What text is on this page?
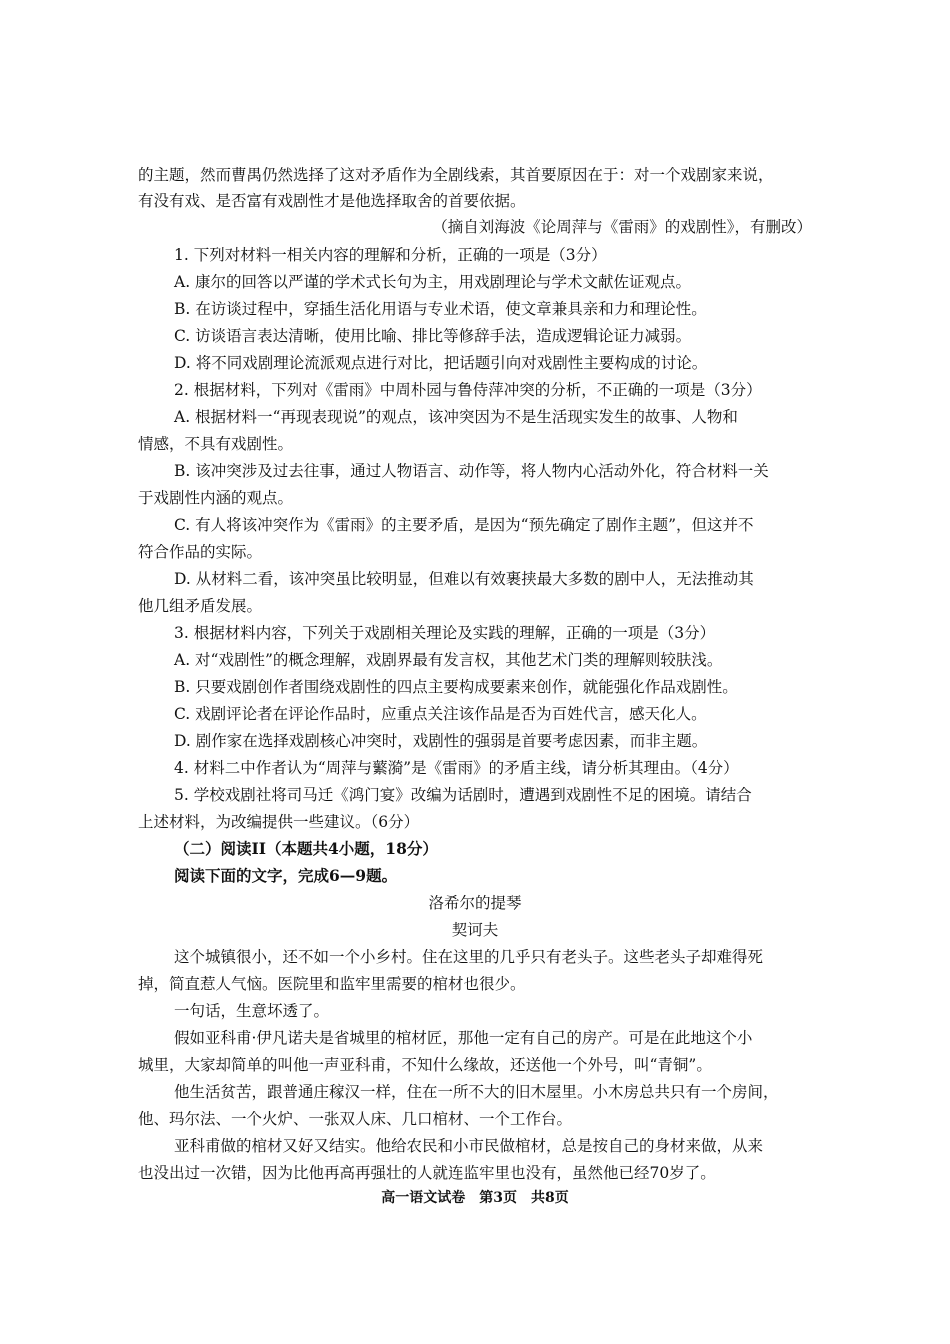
的主题，然而曹禺仍然选择了这对矛盾作为全剧线索，其首要原因在于：对一个戏剧家来说，
有没有戏、是否富有戏剧性才是他选择取舍的首要依据。
（摘自刘海波《论周萍与《雷雨》的戏剧性》，有删改）
1. 下列对材料一相关内容的理解和分析，正确的一项是（3分）
A. 康尔的回答以严谨的学术式长句为主，用戏剧理论与学术文献佐证观点。
B. 在访谈过程中，穿插生活化用语与专业术语，使文章兼具亲和力和理论性。
C. 访谈语言表达清晰，使用比喻、排比等修辞手法，造成逻辑论证力减弱。
D. 将不同戏剧理论流派观点进行对比，把话题引向对戏剧性主要构成的讨论。
2. 根据材料，下列对《雷雨》中周朴园与鲁侍萍冲突的分析，不正确的一项是（3分）
A. 根据材料一“再现表现说”的观点，该冲突因为不是生活现实发生的故事、人物和
情感，不具有戏剧性。
B. 该冲突涉及过去往事，通过人物语言、动作等，将人物内心活动外化，符合材料一关
于戏剧性内涵的观点。
C. 有人将该冲突作为《雷雨》的主要矛盾，是因为“预先确定了剧作主题”，但这并不
符合作品的实际。
D. 从材料二看，该冲突虽比较明显，但难以有效裹挟最大多数的剧中人，无法推动其
他几组矛盾发展。
3. 根据材料内容，下列关于戏剧相关理论及实践的理解，正确的一项是（3分）
A. 对“戏剧性”的概念理解，戏剧界最有发言权，其他艺术门类的理解则较肤浅。
B. 只要戏剧创作者围绕戏剧性的四点主要构成要素来创作，就能强化作品戏剧性。
C. 戏剧评论者在评论作品时，应重点关注该作品是否为百姓代言，感天化人。
D. 剧作家在选择戏剧核心冲突时，戏剧性的强弱是首要考虑因素，而非主题。
4. 材料二中作者认为“周萍与蘩漪”是《雷雨》的矛盾主线，请分析其理由。（4分）
5. 学校戏剧社将司马迁《鸿门宴》改编为话剧时，遭遇到戏剧性不足的困境。请结合
上述材料，为改编提供一些建议。（6分）
（二）阅读II（本题共4小题，18分）
阅读下面的文字，完成6—9题。
洛希尔的提琴
契诃夫
这个城镇很小，还不如一个小乡村。住在这里的几乎只有老头子。这些老头子却难得死
掉，简直惹人气恼。医院里和监牢里需要的棺材也很少。
一句话，生意坏透了。
假如亚科甫·伊凡诺夫是省城里的棺材匠，那他一定有自己的房产。可是在此地这个小
城里，大家却简单的叫他一声亚科甫，不知什么缘故，还送他一个外号，叫“青铜”。
他生活贫苦，跟普通庄稼汉一样，住在一所不大的旧木屋里。小木房总共只有一个房间，
他、玛尔法、一个火炉、一张双人床、几口棺材、一个工作台。
亚科甫做的棺材又好又结实。他给农民和小市民做棺材，总是按自己的身材来做，从来
也没出过一次错，因为比他再高再强壮的人就连监牢里也没有，虽然他已经70岁了。
高一语文试卷　第3页　共8页
